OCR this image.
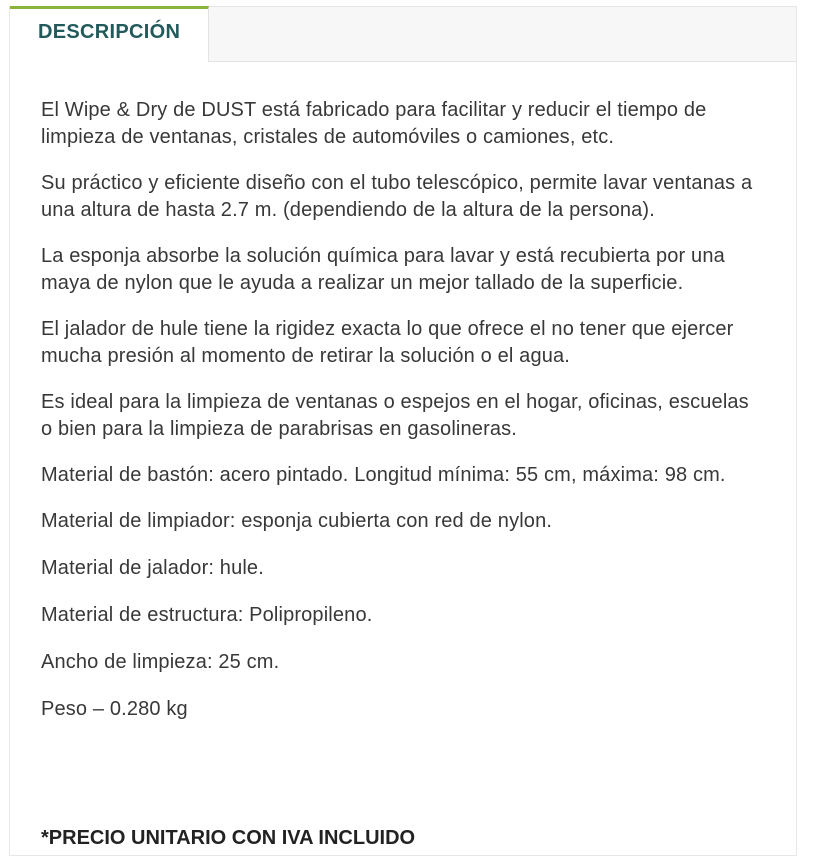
DESCRIPCIÓN

El Wipe & Dry de DUST está fabricado para facilitar y reducir el tiempo de limpieza de ventanas, cristales de automóviles o camiones, etc.

Su práctico y eficiente diseño con el tubo telescópico, permite lavar ventanas a una altura de hasta 2.7 m. (dependiendo de la altura de la persona).

La esponja absorbe la solución química para lavar y está recubierta por una maya de nylon que le ayuda a realizar un mejor tallado de la superficie.

El jalador de hule tiene la rigidez exacta lo que ofrece el no tener que ejercer mucha presión al momento de retirar la solución o el agua.

Es ideal para la limpieza de ventanas o espejos en el hogar, oficinas, escuelas o bien para la limpieza de parabrisas en gasolineras.

Material de bastón: acero pintado. Longitud mínima: 55 cm, máxima: 98 cm.

Material de limpiador: esponja cubierta con red de nylon.

Material de jalador: hule.

Material de estructura: Polipropileno.

Ancho de limpieza: 25 cm.

Peso – 0.280 kg

*PRECIO UNITARIO CON IVA INCLUIDO
